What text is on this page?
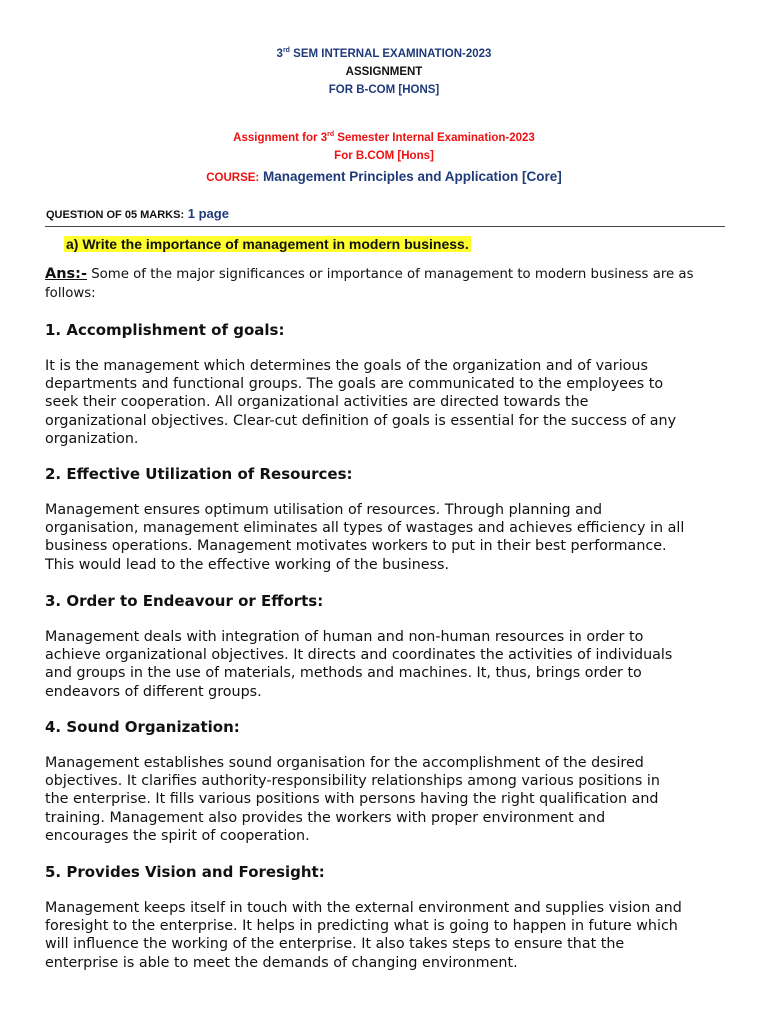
3rd SEM INTERNAL EXAMINATION-2023
ASSIGNMENT
FOR B-COM [HONS]
Assignment for 3rd Semester Internal Examination-2023
For B.COM [Hons]
COURSE: Management Principles and Application [Core]
QUESTION OF 05 MARKS: 1 page
a) Write the importance of management in modern business.
Ans:- Some of the major significances or importance of management to modern business are as
follows:
1. Accomplishment of goals:
It is the management which determines the goals of the organization and of various
departments and functional groups. The goals are communicated to the employees to
seek their cooperation. All organizational activities are directed towards the
organizational objectives. Clear-cut definition of goals is essential for the success of any
organization.
2. Effective Utilization of Resources:
Management ensures optimum utilisation of resources. Through planning and
organisation, management eliminates all types of wastages and achieves efficiency in all
business operations. Management motivates workers to put in their best performance.
This would lead to the effective working of the business.
3. Order to Endeavour or Efforts:
Management deals with integration of human and non-human resources in order to
achieve organizational objectives. It directs and coordinates the activities of individuals
and groups in the use of materials, methods and machines. It, thus, brings order to
endeavors of different groups.
4. Sound Organization:
Management establishes sound organisation for the accomplishment of the desired
objectives. It clarifies authority-responsibility relationships among various positions in
the enterprise. It fills various positions with persons having the right qualification and
training. Management also provides the workers with proper environment and
encourages the spirit of cooperation.
5. Provides Vision and Foresight:
Management keeps itself in touch with the external environment and supplies vision and
foresight to the enterprise. It helps in predicting what is going to happen in future which
will influence the working of the enterprise. It also takes steps to ensure that the
enterprise is able to meet the demands of changing environment.
